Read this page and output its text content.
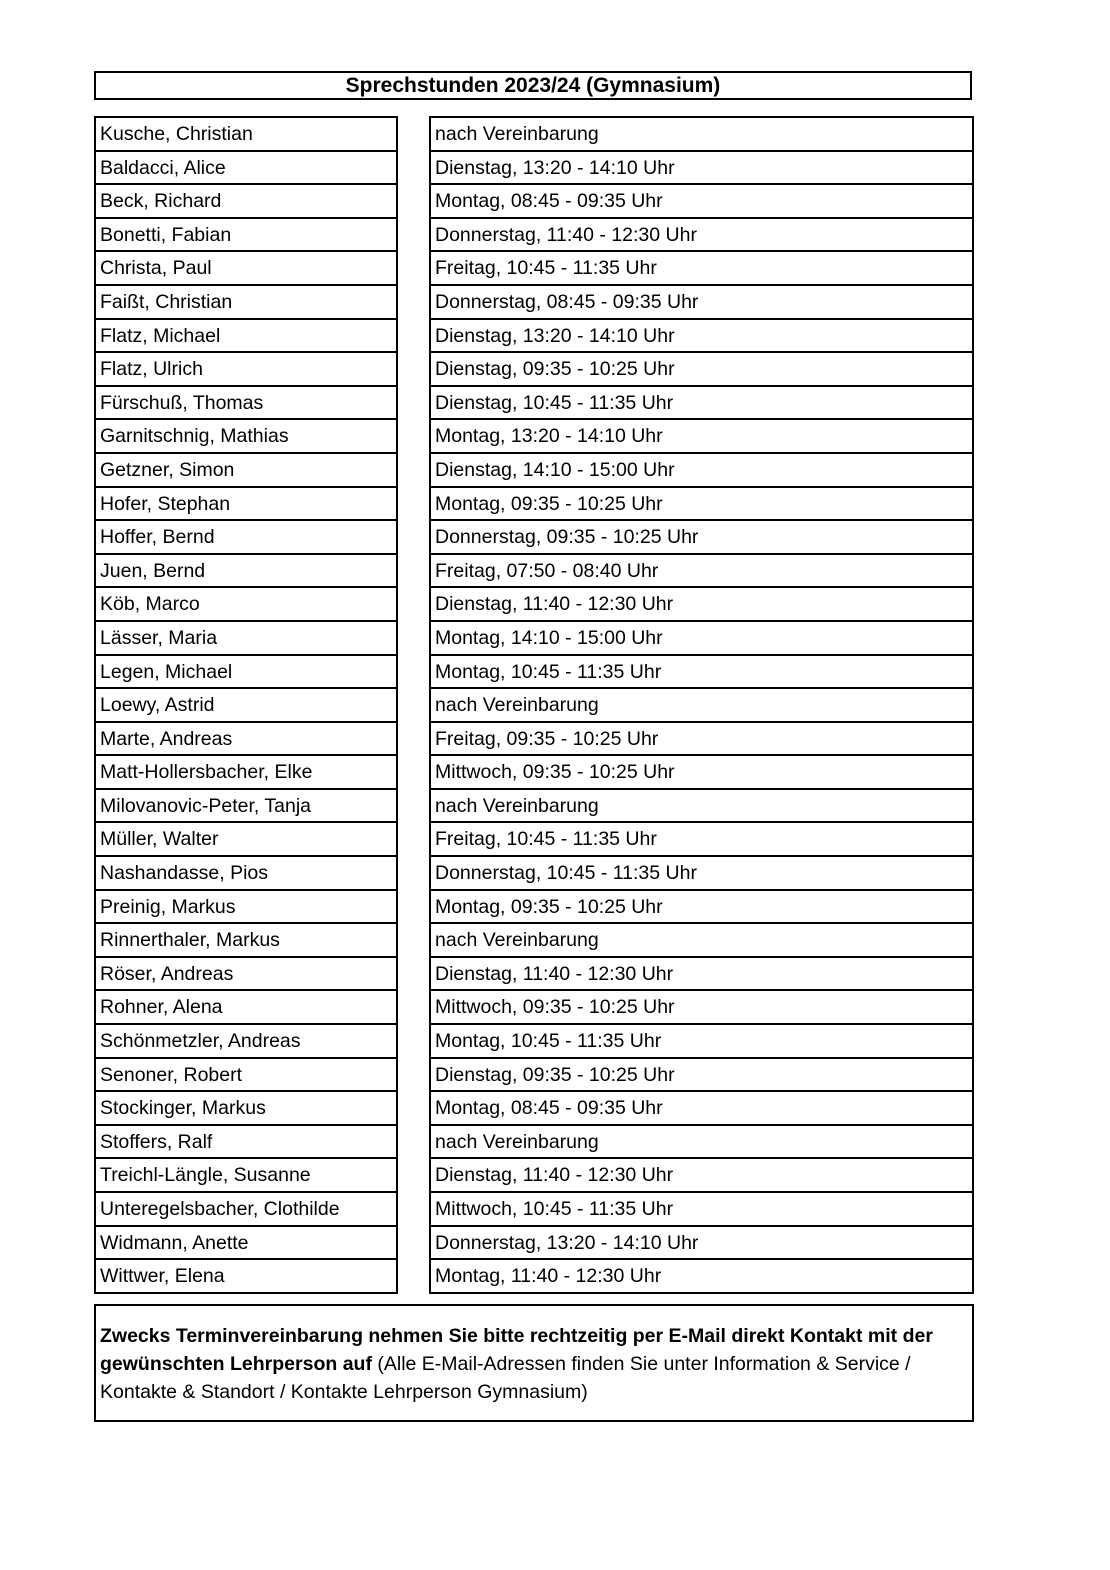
Sprechstunden 2023/24 (Gymnasium)
Kusche, Christian
Baldacci, Alice
Beck, Richard
Bonetti, Fabian
Christa, Paul
Faißt, Christian
Flatz, Michael
Flatz, Ulrich
Fürschuß, Thomas
Garnitschnig, Mathias
Getzner, Simon
Hofer, Stephan
Hoffer, Bernd
Juen, Bernd
Köb, Marco
Lässer, Maria
Legen, Michael
Loewy, Astrid
Marte, Andreas
Matt-Hollersbacher, Elke
Milovanovic-Peter, Tanja
Müller, Walter
Nashandasse, Pios
Preinig, Markus
Rinnerthaler, Markus
Röser, Andreas
Rohner, Alena
Schönmetzler, Andreas
Senoner, Robert
Stockinger, Markus
Stoffers, Ralf
Treichl-Längle, Susanne
Unteregelsbacher, Clothilde
Widmann, Anette
Wittwer, Elena
nach Vereinbarung
Dienstag, 13:20 - 14:10 Uhr
Montag, 08:45 - 09:35 Uhr
Donnerstag, 11:40 - 12:30 Uhr
Freitag, 10:45 - 11:35 Uhr
Donnerstag, 08:45 - 09:35 Uhr
Dienstag, 13:20 - 14:10 Uhr
Dienstag, 09:35 - 10:25 Uhr
Dienstag, 10:45 - 11:35 Uhr
Montag, 13:20 - 14:10 Uhr
Dienstag, 14:10 - 15:00 Uhr
Montag, 09:35 - 10:25 Uhr
Donnerstag, 09:35 - 10:25 Uhr
Freitag, 07:50 - 08:40 Uhr
Dienstag, 11:40 - 12:30 Uhr
Montag, 14:10 - 15:00 Uhr
Montag, 10:45 - 11:35 Uhr
nach Vereinbarung
Freitag, 09:35 - 10:25 Uhr
Mittwoch, 09:35 - 10:25 Uhr
nach Vereinbarung
Freitag, 10:45 - 11:35 Uhr
Donnerstag, 10:45 - 11:35 Uhr
Montag, 09:35 - 10:25 Uhr
nach Vereinbarung
Dienstag, 11:40 - 12:30 Uhr
Mittwoch, 09:35 - 10:25 Uhr
Montag, 10:45 - 11:35 Uhr
Dienstag, 09:35 - 10:25 Uhr
Montag, 08:45 - 09:35 Uhr
nach Vereinbarung
Dienstag, 11:40 - 12:30 Uhr
Mittwoch, 10:45 - 11:35 Uhr
Donnerstag, 13:20 - 14:10 Uhr
Montag, 11:40 - 12:30 Uhr
Zwecks Terminvereinbarung nehmen Sie bitte rechtzeitig per E-Mail direkt Kontakt mit der gewünschten Lehrperson auf (Alle E-Mail-Adressen finden Sie unter Information & Service / Kontakte & Standort / Kontakte Lehrperson Gymnasium)
